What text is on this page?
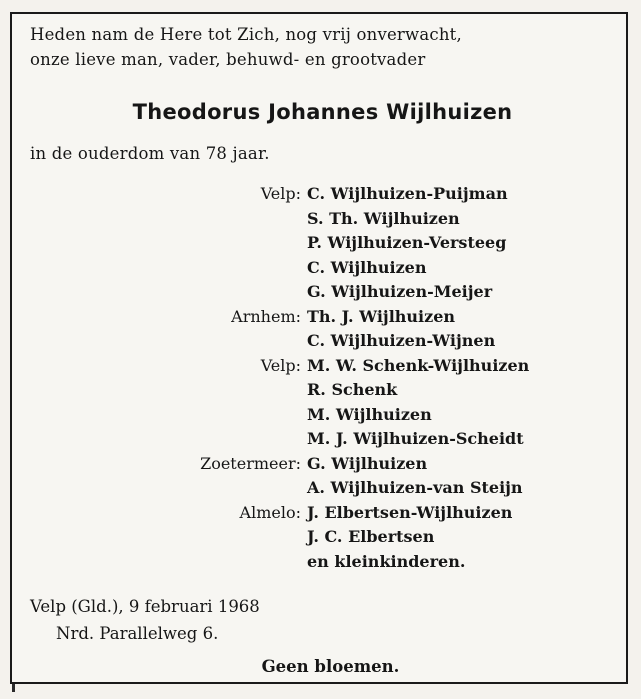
Heden nam de Here tot Zich, nog vrij onverwacht,
onze lieve man, vader, behuwd- en grootvader
Theodorus Johannes Wijlhuizen
in de ouderdom van 78 jaar.
Velp: C. Wijlhuizen-Puijman
S. Th. Wijlhuizen
P. Wijlhuizen-Versteeg
C. Wijlhuizen
G. Wijlhuizen-Meijer
Arnhem: Th. J. Wijlhuizen
C. Wijlhuizen-Wijnen
Velp: M. W. Schenk-Wijlhuizen
R. Schenk
M. Wijlhuizen
M. J. Wijlhuizen-Scheidt
Zoetermeer: G. Wijlhuizen
A. Wijlhuizen-van Steijn
Almelo: J. Elbertsen-Wijlhuizen
J. C. Elbertsen
en kleinkinderen.
Velp (Gld.), 9 februari 1968
Nrd. Parallelweg 6.
Geen bloemen.
